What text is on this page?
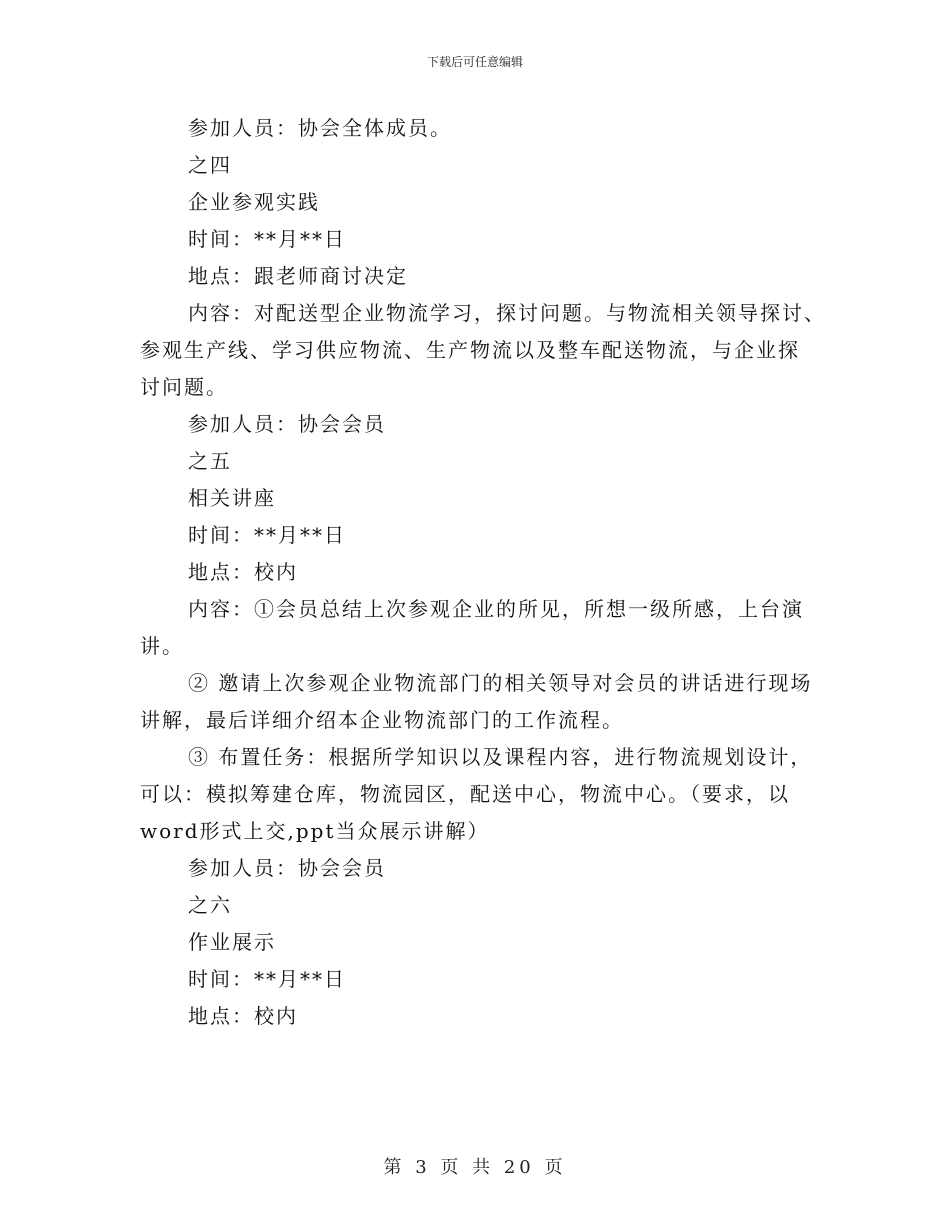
下载后可任意编辑
参加人员：协会全体成员。
之四
企业参观实践
时间：**月**日
地点：跟老师商讨决定
内容：对配送型企业物流学习，探讨问题。与物流相关领导探讨、
参观生产线、学习供应物流、生产物流以及整车配送物流，与企业探
讨问题。
参加人员：协会会员
之五
相关讲座
时间：**月**日
地点：校内
内容：①会员总结上次参观企业的所见，所想一级所感，上台演
讲。
② 邀请上次参观企业物流部门的相关领导对会员的讲话进行现场
讲解，最后详细介绍本企业物流部门的工作流程。
③ 布置任务：根据所学知识以及课程内容，进行物流规划设计，
可以：模拟筹建仓库，物流园区，配送中心，物流中心。（要求，以
word形式上交,ppt当众展示讲解）
参加人员：协会会员
之六
作业展示
时间：**月**日
地点：校内
第 3 页 共 20 页
